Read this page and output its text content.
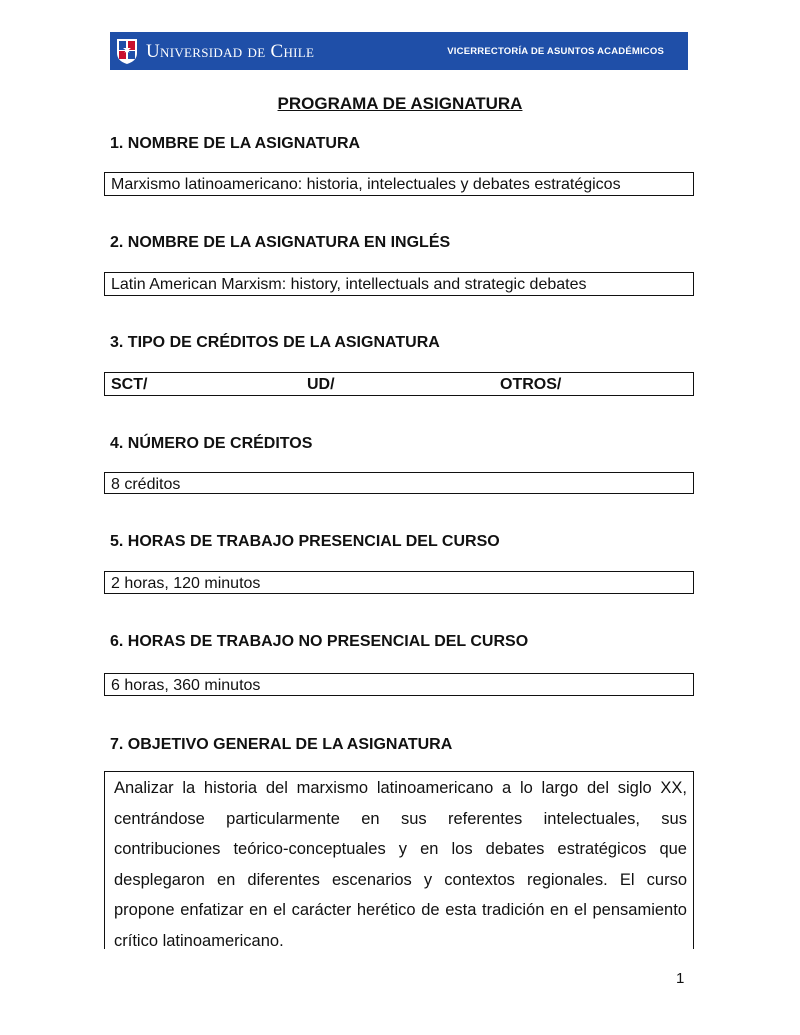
Universidad de Chile	VICERRECTORÍA DE ASUNTOS ACADÉMICOS
PROGRAMA DE ASIGNATURA
1. NOMBRE DE LA ASIGNATURA
Marxismo latinoamericano: historia, intelectuales y debates estratégicos
2. NOMBRE DE LA ASIGNATURA EN INGLÉS
Latin American Marxism: history, intellectuals and strategic debates
3. TIPO DE CRÉDITOS DE LA ASIGNATURA
SCT/	UD/	OTROS/
4. NÚMERO DE CRÉDITOS
8 créditos
5. HORAS DE TRABAJO PRESENCIAL DEL CURSO
2 horas, 120 minutos
6. HORAS DE TRABAJO NO PRESENCIAL DEL CURSO
6 horas, 360 minutos
7. OBJETIVO GENERAL DE LA ASIGNATURA
Analizar la historia del marxismo latinoamericano a lo largo del siglo XX, centrándose particularmente en sus referentes intelectuales, sus contribuciones teórico-conceptuales y en los debates estratégicos que desplegaron en diferentes escenarios y contextos regionales. El curso propone enfatizar en el carácter herético de esta tradición en el pensamiento crítico latinoamericano.
1
